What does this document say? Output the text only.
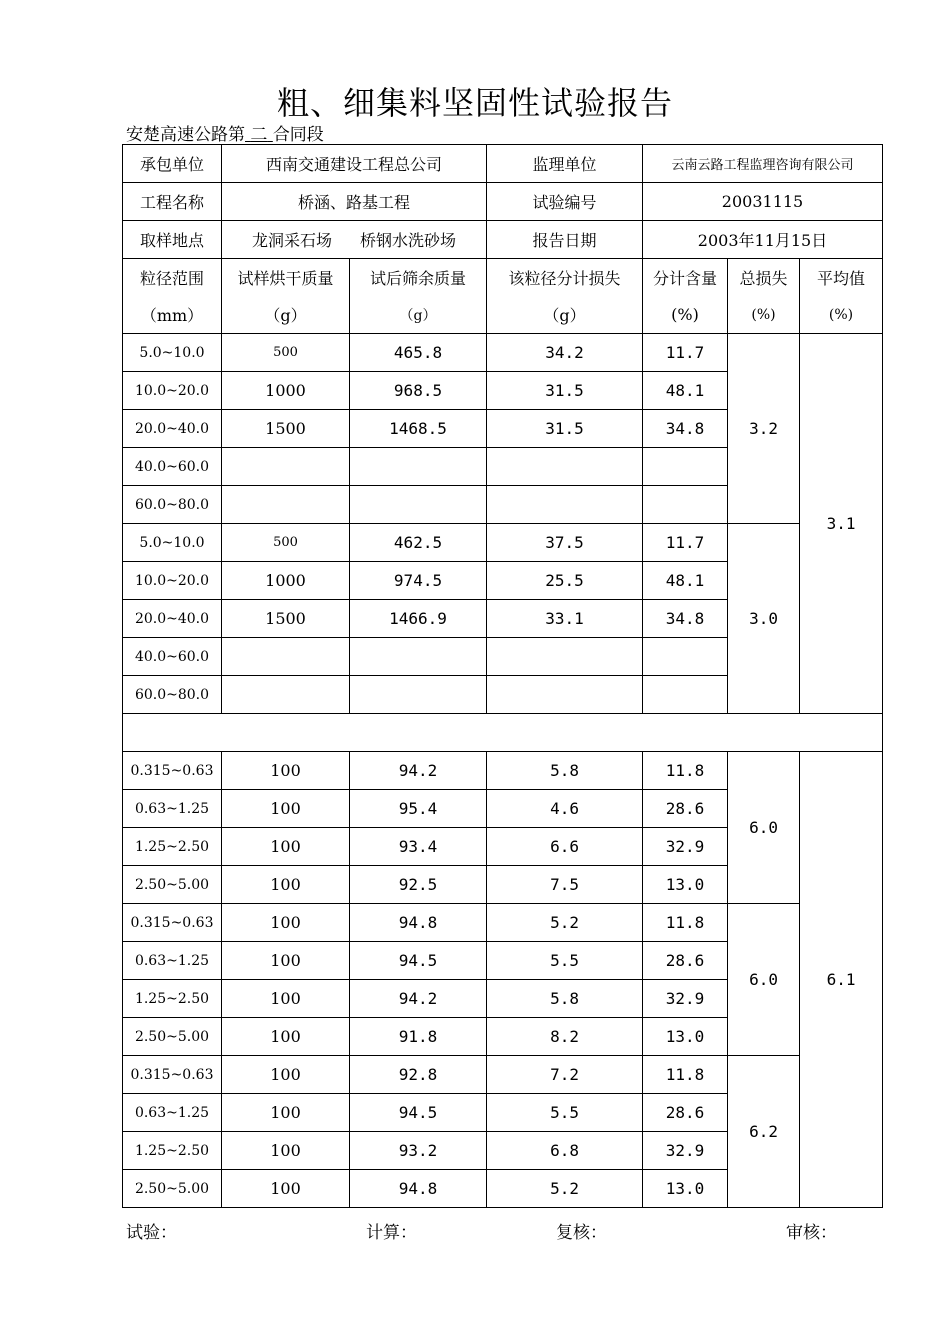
粗、细集料坚固性试验报告
安楚高速公路第 二 合同段
承包单位	西南交通建设工程总公司		监理单位	云南云路工程监理咨询有限公司		
工程名称	桥涵、路基工程		试验编号	20031115		
取样地点	龙洞采石场 桥钢水洗砂场		报告日期	2003年11月15日		
粒径范围	试样烘干质量	试后筛余质量	该粒径分计损失	分计含量	总损失	平均值
（mm）	（g）	（g）	（g）	(%)	(%)	(%)
5.0~10.0	500	465.8	34.2	11.7	3.2	3.1
10.0~20.0	1000	968.5	31.5	48.1		
20.0~40.0	1500	1468.5	31.5	34.8		
40.0~60.0						
60.0~80.0						
5.0~10.0	500	462.5	37.5	11.7	3.0	
10.0~20.0	1000	974.5	25.5	48.1		
20.0~40.0	1500	1466.9	33.1	34.8		
40.0~60.0						
60.0~80.0						

0.315~0.63	100	94.2	5.8	11.8	6.0	6.1
0.63~1.25	100	95.4	4.6	28.6		
1.25~2.50	100	93.4	6.6	32.9		
2.50~5.00	100	92.5	7.5	13.0		
0.315~0.63	100	94.8	5.2	11.8	6.0	
0.63~1.25	100	94.5	5.5	28.6		
1.25~2.50	100	94.2	5.8	32.9		
2.50~5.00	100	91.8	8.2	13.0		
0.315~0.63	100	92.8	7.2	11.8	6.2	
0.63~1.25	100	94.5	5.5	28.6		
1.25~2.50	100	93.2	6.8	32.9		
2.50~5.00	100	94.8	5.2	13.0		
试验：	计算：	复核：	审核：
